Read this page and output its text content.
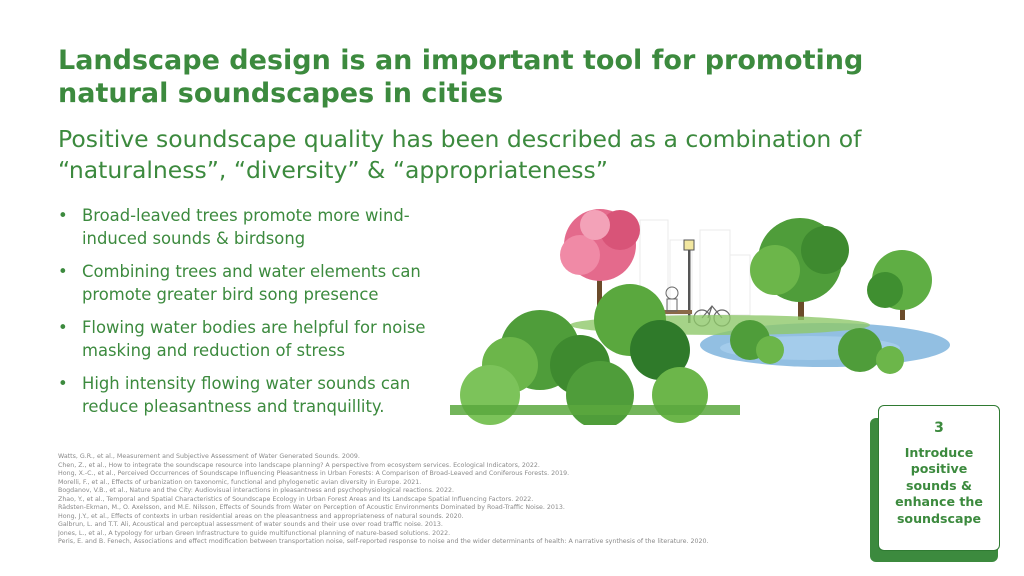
Landscape design is an important tool for promoting natural soundscapes in cities
Positive soundscape quality has been described as a combination of “naturalness”, “diversity” & “appropriateness”
• Broad-leaved trees promote more wind-induced sounds & birdsong
• Combining trees and water elements can promote greater bird song presence
• Flowing water bodies are helpful for noise masking and reduction of stress
• High intensity flowing water sounds can reduce pleasantness and tranquillity.
Watts, G.R., et al., Measurement and Subjective Assessment of Water Generated Sounds. 2009.
Chen, Z., et al., How to integrate the soundscape resource into landscape planning? A perspective from ecosystem services. Ecological Indicators, 2022.
Hong, X.-C., et al., Perceived Occurrences of Soundscape Influencing Pleasantness in Urban Forests: A Comparison of Broad-Leaved and Coniferous Forests. 2019.
Morelli, F., et al., Effects of urbanization on taxonomic, functional and phylogenetic avian diversity in Europe. 2021.
Bogdanov, V.B., et al., Nature and the City: Audiovisual interactions in pleasantness and psychophysiological reactions. 2022.
Zhao, Y., et al., Temporal and Spatial Characteristics of Soundscape Ecology in Urban Forest Areas and Its Landscape Spatial Influencing Factors. 2022.
Rådsten-Ekman, M., Ö. Axelsson, and M.E. Nilsson, Effects of Sounds from Water on Perception of Acoustic Environments Dominated by Road-Traffic Noise. 2013.
Hong, J.Y., et al., Effects of contexts in urban residential areas on the pleasantness and appropriateness of natural sounds. 2020.
Galbrun, L. and T.T. Ali, Acoustical and perceptual assessment of water sounds and their use over road traffic noise. 2013.
Jones, L., et al., A typology for urban Green Infrastructure to guide multifunctional planning of nature-based solutions. 2022.
Peris, E. and B. Fenech, Associations and effect modification between transportation noise, self-reported response to noise and the wider determinants of health: A narrative synthesis of the literature. 2020.
3
Introduce positive sounds & enhance the soundscape
